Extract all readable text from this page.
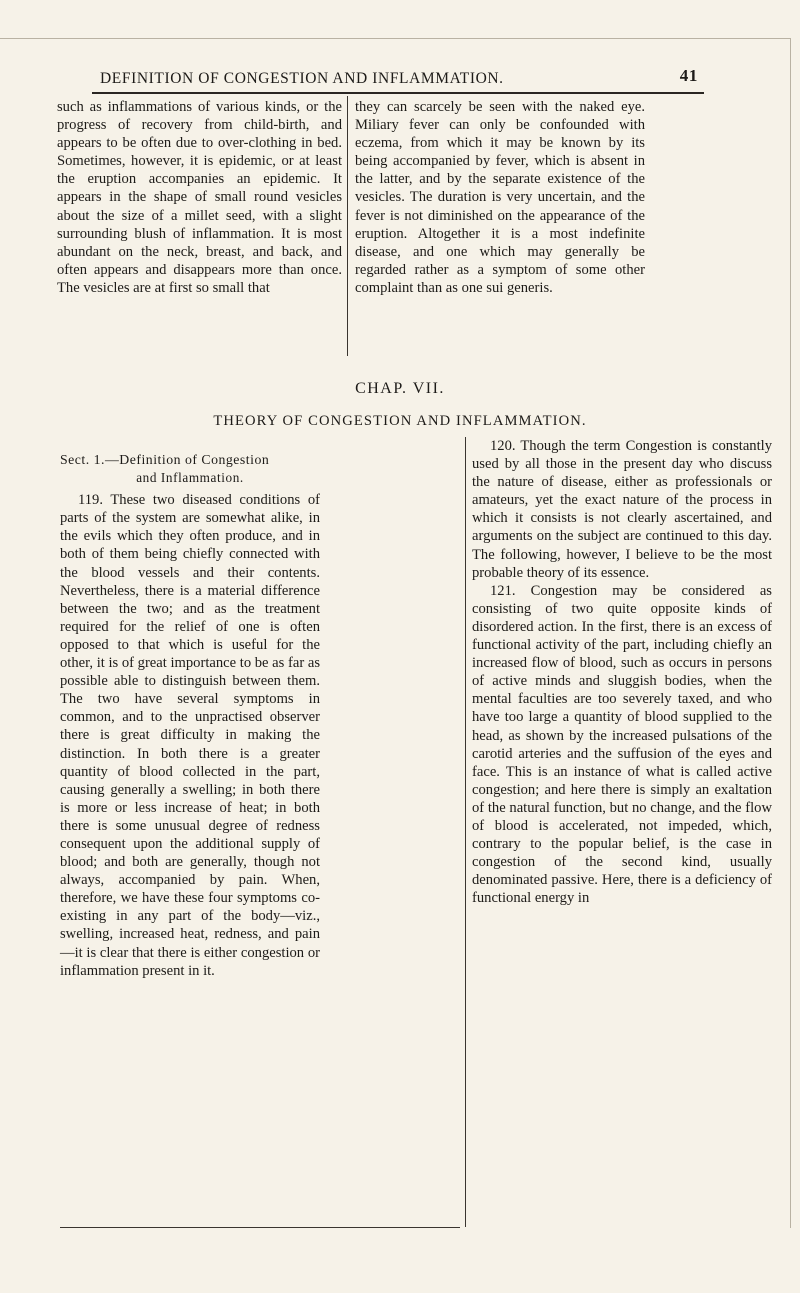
DEFINITION OF CONGESTION AND INFLAMMATION.	41

such as inflammations of various kinds, or the progress of recovery from child-birth, and appears to be often due to over-clothing in bed. Sometimes, however, it is epidemic, or at least the eruption accompanies an epidemic. It appears in the shape of small round vesicles about the size of a millet seed, with a slight surrounding blush of inflammation. It is most abundant on the neck, breast, and back, and often appears and disappears more than once. The vesicles are at first so small that

they can scarcely be seen with the naked eye. Miliary fever can only be confounded with eczema, from which it may be known by its being accompanied by fever, which is absent in the latter, and by the separate existence of the vesicles. The duration is very uncertain, and the fever is not diminished on the appearance of the eruption. Altogether it is a most indefinite disease, and one which may generally be regarded rather as a symptom of some other complaint than as one sui generis.

CHAP. VII.
THEORY OF CONGESTION AND INFLAMMATION.

Sect. 1.—Definition of Congestion

and Inflammation.

119. These two diseased conditions of parts of the system are somewhat alike, in the evils which they often produce, and in both of them being chiefly connected with the blood vessels and their contents. Nevertheless, there is a material difference between the two; and as the treatment required for the relief of one is often opposed to that which is useful for the other, it is of great importance to be as far as possible able to distinguish between them. The two have several symptoms in common, and to the unpractised observer there is great difficulty in making the distinction. In both there is a greater quantity of blood collected in the part, causing generally a swelling; in both there is more or less increase of heat; in both there is some unusual degree of redness consequent upon the additional supply of blood; and both are generally, though not always, accompanied by pain. When, therefore, we have these four symptoms co-existing in any part of the body—viz., swelling, increased heat, redness, and pain—it is clear that there is either congestion or inflammation present in it.

120. Though the term Congestion is constantly used by all those in the present day who discuss the nature of disease, either as professionals or amateurs, yet the exact nature of the process in which it consists is not clearly ascertained, and arguments on the subject are continued to this day. The following, however, I believe to be the most probable theory of its essence.

121. Congestion may be considered as consisting of two quite opposite kinds of disordered action. In the first, there is an excess of functional activity of the part, including chiefly an increased flow of blood, such as occurs in persons of active minds and sluggish bodies, when the mental faculties are too severely taxed, and who have too large a quantity of blood supplied to the head, as shown by the increased pulsations of the carotid arteries and the suffusion of the eyes and face. This is an instance of what is called active congestion; and here there is simply an exaltation of the natural function, but no change, and the flow of blood is accelerated, not impeded, which, contrary to the popular belief, is the case in congestion of the second kind, usually denominated passive. Here, there is a deficiency of functional energy in
